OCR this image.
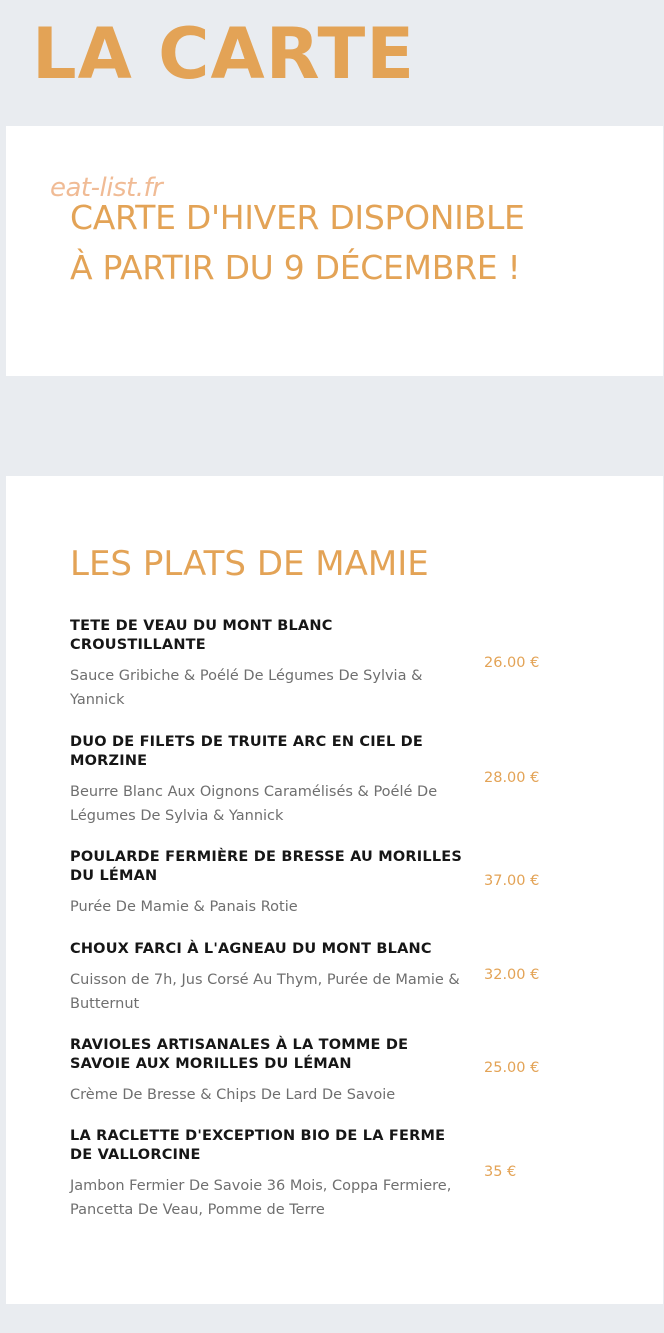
LA CARTE
eat-list.fr
CARTE D'HIVER DISPONIBLE
À PARTIR DU 9 DÉCEMBRE !
LES PLATS DE MAMIE

TETE DE VEAU DU MONT BLANC CROUSTILLANTE

Sauce Gribiche & Poélé De Légumes De Sylvia & Yannick

26.00 €

DUO DE FILETS DE TRUITE ARC EN CIEL DE MORZINE

Beurre Blanc Aux Oignons Caramélisés & Poélé De Légumes De Sylvia & Yannick

28.00 €

POULARDE FERMIÈRE DE BRESSE AU MORILLES DU LÉMAN

Purée De Mamie & Panais Rotie

37.00 €

CHOUX FARCI À L'AGNEAU DU MONT BLANC

Cuisson de 7h, Jus Corsé Au Thym, Purée de Mamie & Butternut

32.00 €

RAVIOLES ARTISANALES À LA TOMME DE SAVOIE AUX MORILLES DU LÉMAN

Crème De Bresse & Chips De Lard De Savoie

25.00 €

LA RACLETTE D'EXCEPTION BIO DE LA FERME DE VALLORCINE

Jambon Fermier De Savoie 36 Mois, Coppa Fermiere, Pancetta De Veau, Pomme de Terre

35 €
